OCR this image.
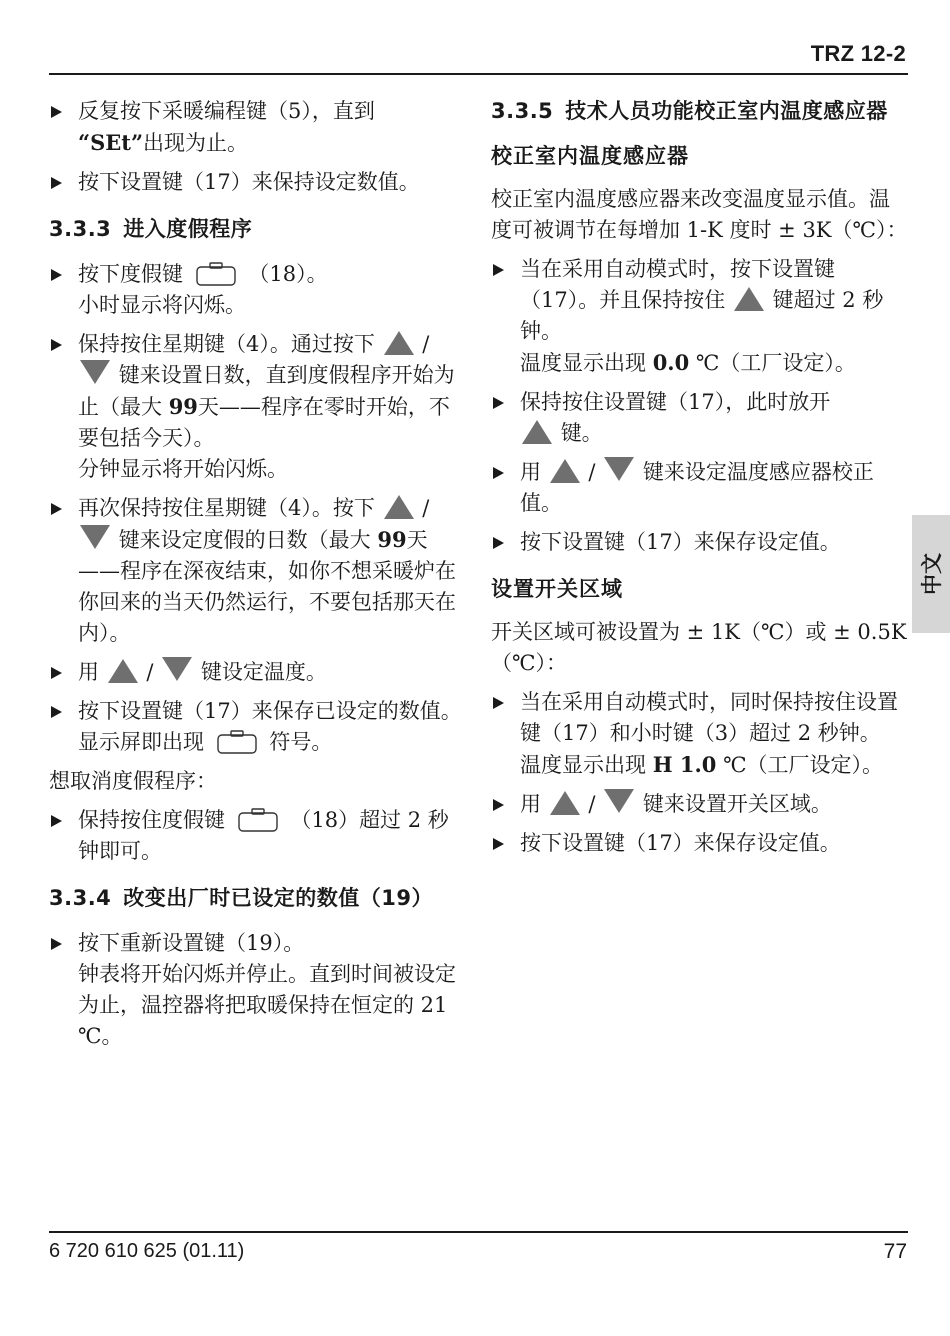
TRZ 12-2
中文
反复按下采暖编程键（5），直到
“SEt”出现为止。
按下设置键（17）来保持设定数值。
3.3.3 进入度假程序
按下度假键	（18）。
小时显示将闪烁。
保持按住星期键（4）。通过按下 /  键来设置日数，直到度假程序开始为止（最大 99天——程序在零时开始，不要包括今天）。
分钟显示将开始闪烁。
再次保持按住星期键（4）。按下 /  键来设定度假的日数（最大 99天——程序在深夜结束，如你不想采暖炉在你回来的当天仍然运行，不要包括那天在内）。
用 / 键设定温度。
按下设置键（17）来保存已设定的数值。
显示屏即出现	符号。
想取消度假程序：
保持按住度假键	（18）超过 2 秒钟即可。
3.3.4 改变出厂时已设定的数值（19）
按下重新设置键（19）。
钟表将开始闪烁并停止。直到时间被设定为止，温控器将把取暖保持在恒定的 21 ℃。
3.3.5 技术人员功能校正室内温度感应器
校正室内温度感应器
校正室内温度感应器来改变温度显示值。温度可被调节在每增加 1-K 度时 ± 3K（℃）：
当在采用自动模式时，按下设置键（17）。并且保持按住 键超过 2 秒 钟。
温度显示出现 0.0 ℃（工厂设定）。
保持按住设置键（17），此时放开
键。
用 / 键来设定温度感应器校正值。
按下设置键（17）来保存设定值。
设置开关区域
开关区域可被设置为 ± 1K（℃）或 ± 0.5K（℃）：
当在采用自动模式时，同时保持按住设置键（17）和小时键（3）超过 2 秒钟。
温度显示出现 H 1.0 ℃（工厂设定）。
用 / 键来设置开关区域。
按下设置键（17）来保存设定值。
6 720 610 625 (01.11)	77
